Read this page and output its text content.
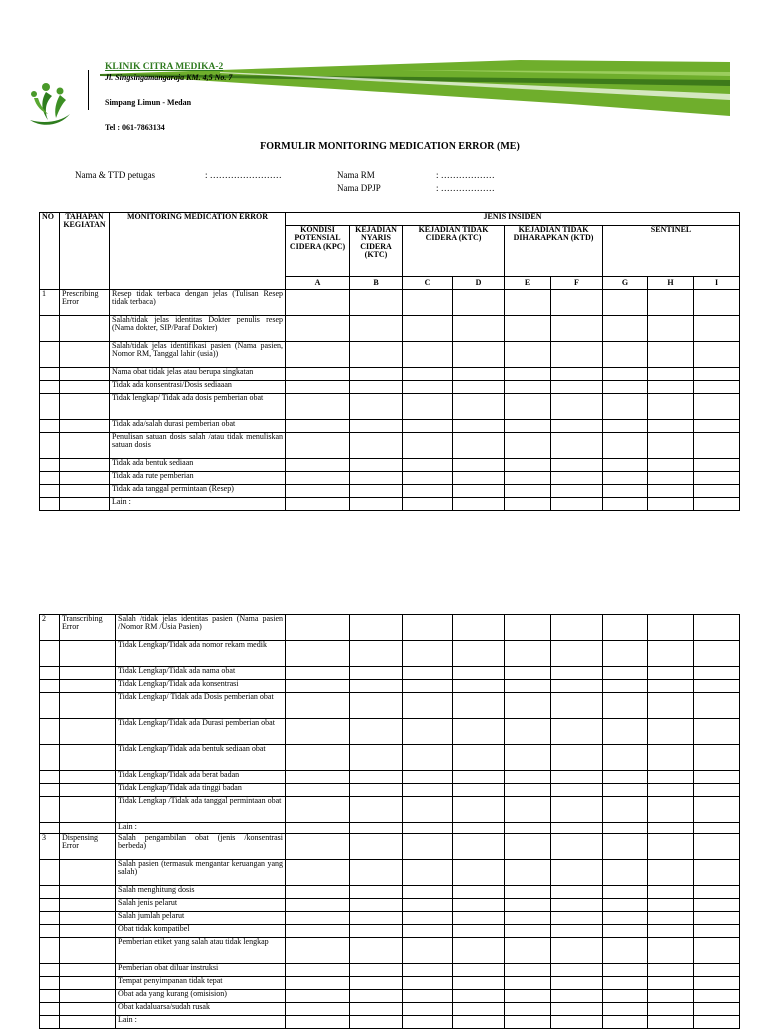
KLINIK CITRA MEDIKA-2
Jl. Singsingamangaraja KM. 4,5 No. 7
Simpang Limun - Medan
Tel : 061-7863134
FORMULIR MONITORING MEDICATION ERROR (ME)
Nama & TTD petugas	: ……………………	Nama RM	: ………………
Nama DPJP	: ………………
NO	TAHAPAN KEGIATAN	MONITORING MEDICATION ERROR	JENIS INSIDEN								
			KONDISI POTENSIAL CIDERA (KPC)	KEJADIAN NYARIS CIDERA (KTC)	KEJADIAN TIDAK CIDERA (KTC)		KEJADIAN TIDAK DIHARAPKAN (KTD)		SENTINEL		
			A	B	C	D	E	F	G	H	I
1	Prescribing Error	Resep tidak terbaca dengan jelas (Tulisan Resep tidak terbaca)									
		Salah/tidak jelas identitas Dokter penulis resep (Nama dokter, SIP/Paraf Dokter)									
		Salah/tidak jelas identifikasi pasien (Nama pasien, Nomor RM, Tanggal lahir (usia))									
		Nama obat tidak jelas atau berupa singkatan									
		Tidak ada konsentrasi/Dosis sediaaan									
		Tidak lengkap/ Tidak ada dosis pemberian obat									
		Tidak ada/salah durasi pemberian obat									
		Penulisan satuan dosis salah /atau tidak menuliskan satuan dosis									
		Tidak ada bentuk sediaan									
		Tidak ada rute pemberian									
		Tidak ada tanggal permintaan (Resep)									
		Lain :									
2	Transcribing Error	Salah /tidak jelas identitas pasien (Nama pasien /Nomor RM /Usia Pasien)									
		Tidak Lengkap/Tidak ada nomor rekam medik									
		Tidak Lengkap/Tidak ada nama obat									
		Tidak Lengkap/Tidak ada konsentrasi									
		Tidak Lengkap/ Tidak ada Dosis pemberian obat									
		Tidak Lengkap/Tidak ada Durasi pemberian obat									
		Tidak Lengkap/Tidak ada bentuk sediaan obat									
		Tidak Lengkap/Tidak ada berat badan									
		Tidak Lengkap/Tidak ada tinggi badan									
		Tidak Lengkap /Tidak ada tanggal permintaan obat									
		Lain :									
3	Dispensing Error	Salah pengambilan obat (jenis /konsentrasi berbeda)									
		Salah pasien (termasuk mengantar keruangan yang salah)									
		Salah menghitung dosis									
		Salah jenis pelarut									
		Salah jumlah pelarut									
		Obat tidak kompatibel									
		Pemberian etiket yang salah atau tidak lengkap									
		Pemberian obat diluar instruksi									
		Tempat penyimpanan tidak tepat									
		Obat ada yang kurang (omisision)									
		Obat kadaluarsa/sudah rusak									
		Lain :									
